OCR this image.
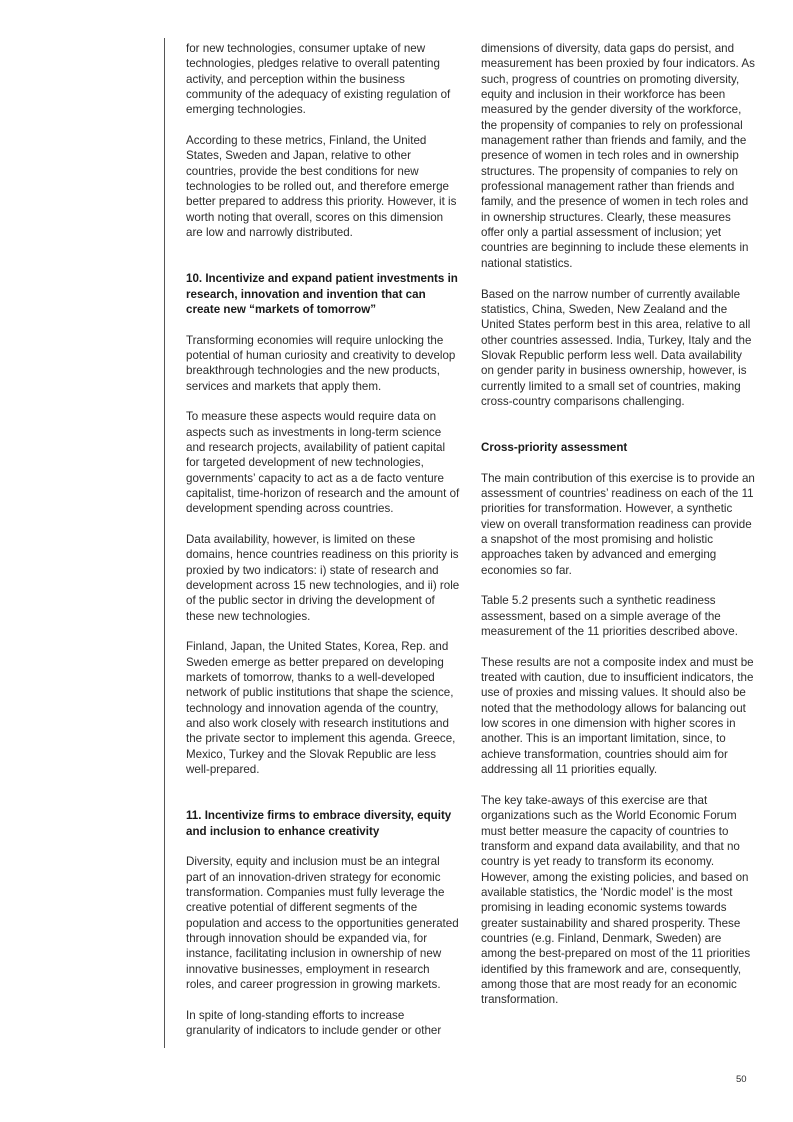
for new technologies, consumer uptake of new technologies, pledges relative to overall patenting activity, and perception within the business community of the adequacy of existing regulation of emerging technologies.

According to these metrics, Finland, the United States, Sweden and Japan, relative to other countries, provide the best conditions for new technologies to be rolled out, and therefore emerge better prepared to address this priority. However, it is worth noting that overall, scores on this dimension are low and narrowly distributed.

10. Incentivize and expand patient investments in research, innovation and invention that can create new “markets of tomorrow”

Transforming economies will require unlocking the potential of human curiosity and creativity to develop breakthrough technologies and the new products, services and markets that apply them.

To measure these aspects would require data on aspects such as investments in long-term science and research projects, availability of patient capital for targeted development of new technologies, governments’ capacity to act as a de facto venture capitalist, time-horizon of research and the amount of development spending across countries.

Data availability, however, is limited on these domains, hence countries readiness on this priority is proxied by two indicators: i) state of research and development across 15 new technologies, and ii) role of the public sector in driving the development of these new technologies.

Finland, Japan, the United States, Korea, Rep. and Sweden emerge as better prepared on developing markets of tomorrow, thanks to a well-developed network of public institutions that shape the science, technology and innovation agenda of the country, and also work closely with research institutions and the private sector to implement this agenda. Greece, Mexico, Turkey and the Slovak Republic are less well-prepared.

11. Incentivize firms to embrace diversity, equity and inclusion to enhance creativity

Diversity, equity and inclusion must be an integral part of an innovation-driven strategy for economic transformation. Companies must fully leverage the creative potential of different segments of the population and access to the opportunities generated through innovation should be expanded via, for instance, facilitating inclusion in ownership of new innovative businesses, employment in research roles, and career progression in growing markets.

In spite of long-standing efforts to increase granularity of indicators to include gender or other

dimensions of diversity, data gaps do persist, and measurement has been proxied by four indicators. As such, progress of countries on promoting diversity, equity and inclusion in their workforce has been measured by the gender diversity of the workforce, the propensity of companies to rely on professional management rather than friends and family, and the presence of women in tech roles and in ownership structures. The propensity of companies to rely on professional management rather than friends and family, and the presence of women in tech roles and in ownership structures. Clearly, these measures offer only a partial assessment of inclusion; yet countries are beginning to include these elements in national statistics.

Based on the narrow number of currently available statistics, China, Sweden, New Zealand and the United States perform best in this area, relative to all other countries assessed. India, Turkey, Italy and the Slovak Republic perform less well. Data availability on gender parity in business ownership, however, is currently limited to a small set of countries, making cross-country comparisons challenging.

Cross-priority assessment

The main contribution of this exercise is to provide an assessment of countries’ readiness on each of the 11 priorities for transformation. However, a synthetic view on overall transformation readiness can provide a snapshot of the most promising and holistic approaches taken by advanced and emerging economies so far.

Table 5.2 presents such a synthetic readiness assessment, based on a simple average of the measurement of the 11 priorities described above.

These results are not a composite index and must be treated with caution, due to insufficient indicators, the use of proxies and missing values. It should also be noted that the methodology allows for balancing out low scores in one dimension with higher scores in another. This is an important limitation, since, to achieve transformation, countries should aim for addressing all 11 priorities equally.

The key take-aways of this exercise are that organizations such as the World Economic Forum must better measure the capacity of countries to transform and expand data availability, and that no country is yet ready to transform its economy. However, among the existing policies, and based on available statistics, the ‘Nordic model’ is the most promising in leading economic systems towards greater sustainability and shared prosperity. These countries (e.g. Finland, Denmark, Sweden) are among the best-prepared on most of the 11 priorities identified by this framework and are, consequently, among those that are most ready for an economic transformation.

50
